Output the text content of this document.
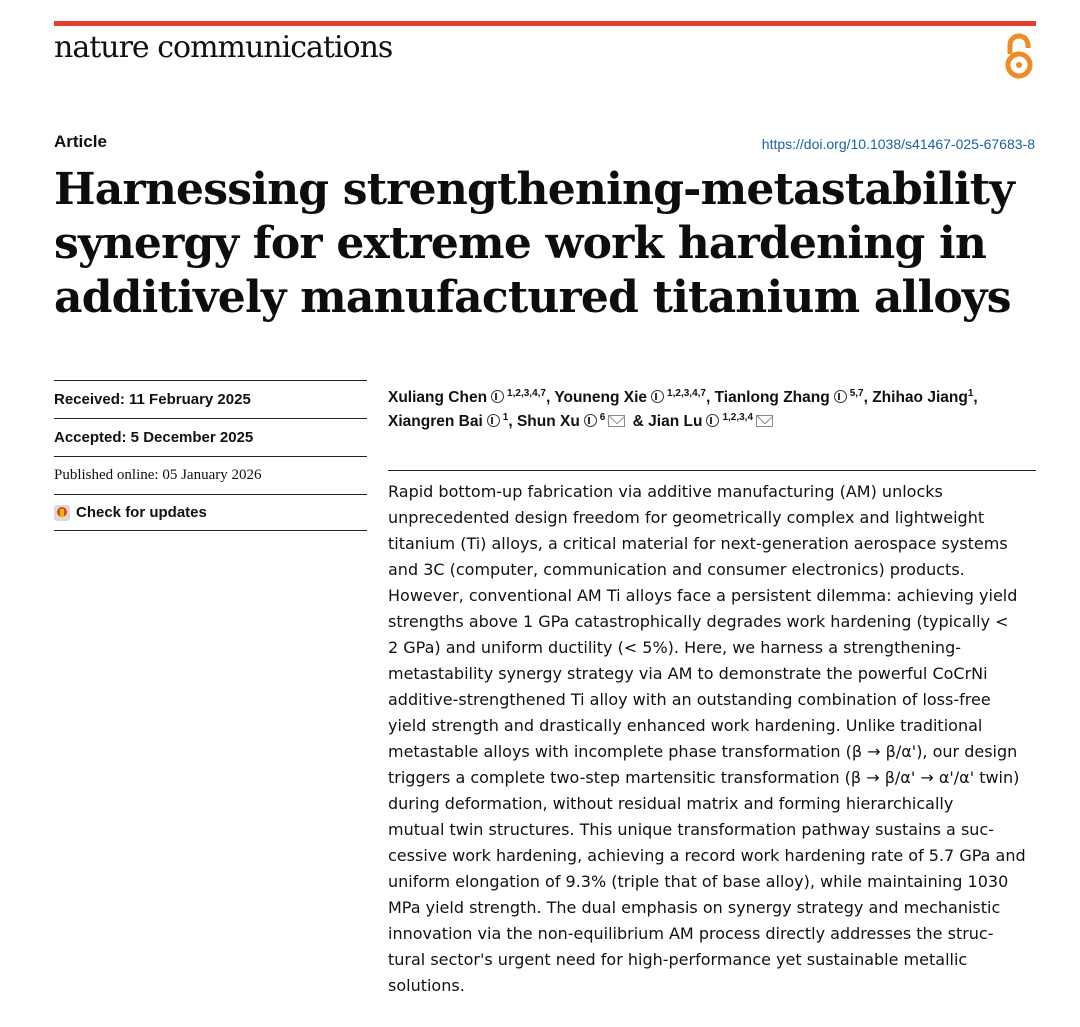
nature communications
Article	https://doi.org/10.1038/s41467-025-67683-8
Harnessing strengthening-metastability synergy for extreme work hardening in additively manufactured titanium alloys
Received: 11 February 2025
Accepted: 5 December 2025
Published online: 05 January 2026
Check for updates
Xuliang Chen $^{1,2,3,4,7}$, Youneng Xie $^{1,2,3,4,7}$, Tianlong Zhang $^{5,7}$, Zhihao Jiang$^1$,
Xiangren Bai $^1$, Shun Xu $^6$ & Jian Lu $^{1,2,3,4}$
Rapid bottom-up fabrication via additive manufacturing (AM) unlocks
unprecedented design freedom for geometrically complex and lightweight
titanium (Ti) alloys, a critical material for next-generation aerospace systems
and 3C (computer, communication and consumer electronics) products.
However, conventional AM Ti alloys face a persistent dilemma: achieving yield
strengths above 1 GPa catastrophically degrades work hardening (typically <
2 GPa) and uniform ductility (< 5%). Here, we harness a strengthening-
metastability synergy strategy via AM to demonstrate the powerful CoCrNi
additive-strengthened Ti alloy with an outstanding combination of loss-free
yield strength and drastically enhanced work hardening. Unlike traditional
metastable alloys with incomplete phase transformation (β → β/α'), our design
triggers a complete two-step martensitic transformation (β → β/α' → α'/α' twin)
during deformation, without residual matrix and forming hierarchically
mutual twin structures. This unique transformation pathway sustains a suc-
cessive work hardening, achieving a record work hardening rate of 5.7 GPa and
uniform elongation of 9.3% (triple that of base alloy), while maintaining 1030
MPa yield strength. The dual emphasis on synergy strategy and mechanistic
innovation via the non-equilibrium AM process directly addresses the struc-
tural sector's urgent need for high-performance yet sustainable metallic
solutions.
